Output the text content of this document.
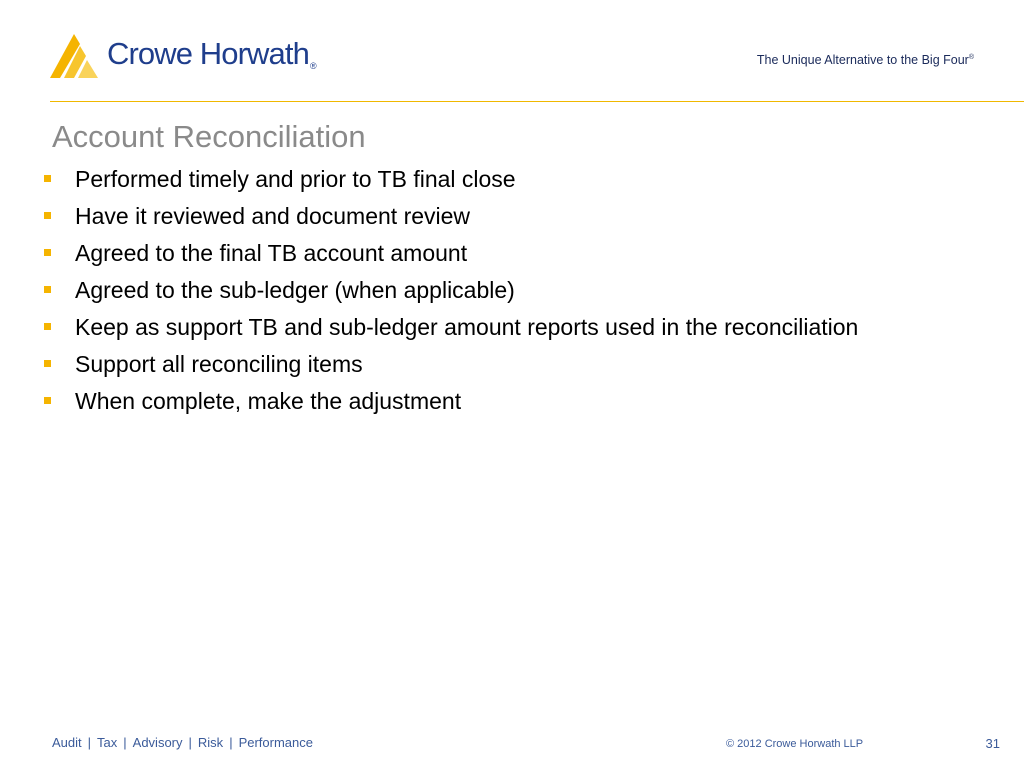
Crowe Horwath®	The Unique Alternative to the Big Four®
Account Reconciliation
Performed timely and prior to TB final close
Have it reviewed and document review
Agreed to the final TB account amount
Agreed to the sub-ledger (when applicable)
Keep as support TB and sub-ledger amount reports used in the reconciliation
Support all reconciling items
When complete, make the adjustment
Audit | Tax | Advisory | Risk | Performance	© 2012 Crowe Horwath LLP	31
